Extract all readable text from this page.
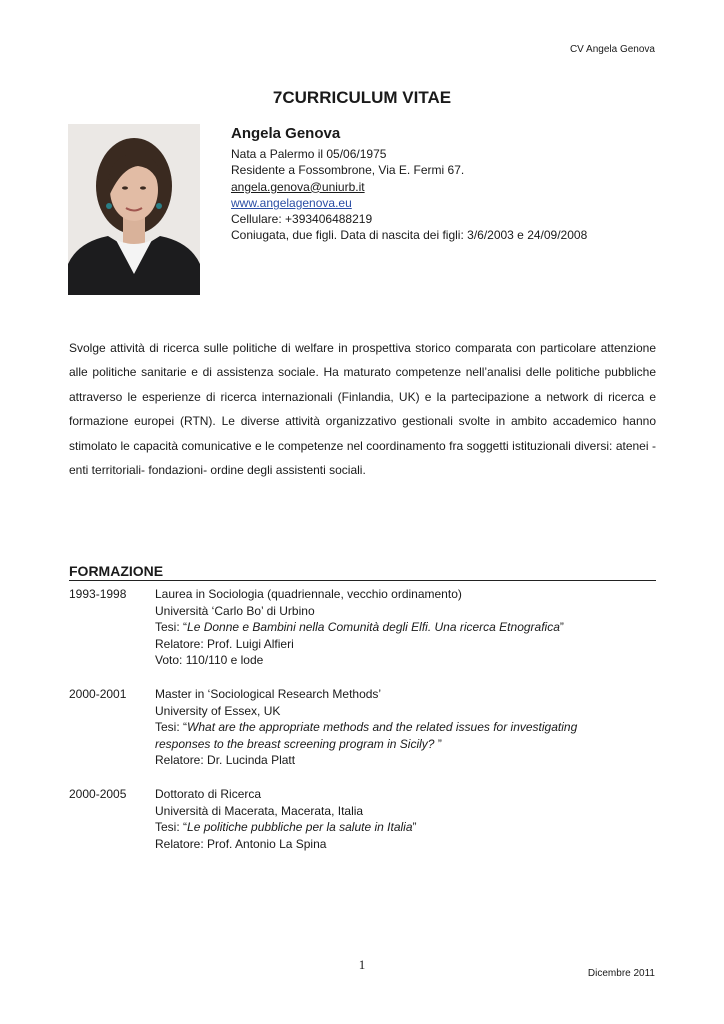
CV Angela Genova
7CURRICULUM VITAE
Angela Genova
Nata a Palermo il 05/06/1975
Residente a Fossombrone, Via E. Fermi 67.
angela.genova@uniurb.it
www.angelagenova.eu
Cellulare: +393406488219
Coniugata, due figli. Data di nascita dei figli: 3/6/2003 e 24/09/2008
Svolge attività di ricerca sulle politiche di welfare in prospettiva storico comparata con particolare attenzione alle politiche sanitarie e di assistenza sociale. Ha maturato competenze nell’analisi delle politiche pubbliche attraverso le esperienze di ricerca internazionali (Finlandia, UK) e la partecipazione a network di ricerca e formazione europei (RTN). Le diverse attività organizzativo gestionali svolte in ambito accademico hanno stimolato le capacità comunicative e le competenze nel coordinamento fra soggetti istituzionali diversi: atenei - enti territoriali- fondazioni- ordine degli assistenti sociali.
FORMAZIONE
1993-1998	Laurea in Sociologia (quadriennale, vecchio ordinamento)
Università ‘Carlo Bo’ di Urbino
Tesi: “Le Donne e Bambini nella Comunità degli Elfi. Una ricerca Etnografica”
Relatore: Prof. Luigi Alfieri
Voto: 110/110 e lode
2000-2001	Master in ‘Sociological Research Methods’
University of Essex, UK
Tesi: “What are the appropriate methods and the related issues for investigating
responses to the breast screening program in Sicily? ”
Relatore: Dr. Lucinda Platt
2000-2005	Dottorato di Ricerca
Università di Macerata, Macerata, Italia
Tesi: “Le politiche pubbliche per la salute in Italia”
Relatore: Prof. Antonio La Spina
1
Dicembre 2011
